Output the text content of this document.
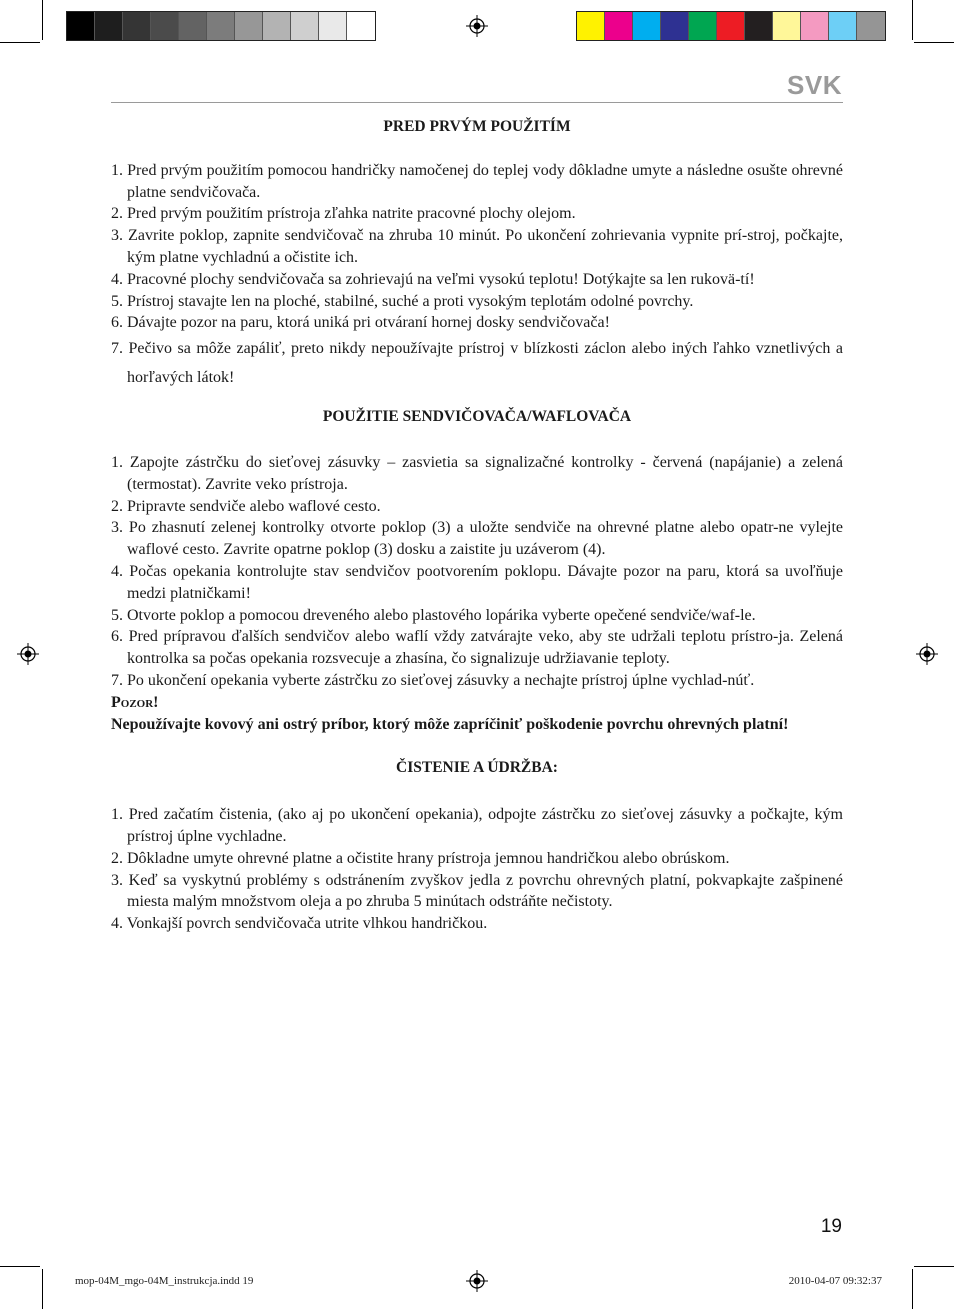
SVK

PRED PRVÝM POUŽITÍM

1. Pred prvým použitím pomocou handričky namočenej do teplej vody dôkladne umyte a následne osušte ohrevné platne sendvičovača.
2. Pred prvým použitím prístroja zľahka natrite pracovné plochy olejom.
3. Zavrite poklop, zapnite sendvičovač na zhruba 10 minút. Po ukončení zohrievania vypnite prí-stroj, počkajte, kým platne vychladnú a očistite ich.
4. Pracovné plochy sendvičovača sa zohrievajú na veľmi vysokú teplotu! Dotýkajte sa len rukovä-tí!
5. Prístroj stavajte len na ploché, stabilné, suché a proti vysokým teplotám odolné povrchy.
6. Dávajte pozor na paru, ktorá uniká pri otváraní hornej dosky sendvičovača!
7. Pečivo sa môže zapáliť, preto nikdy nepoužívajte prístroj v blízkosti záclon alebo iných ľahko vznetlivých a horľavých látok!

POUŽITIE SENDVIČOVAČA/WAFLOVAČA

1. Zapojte zástrčku do sieťovej zásuvky – zasvietia sa signalizačné kontrolky - červená (napájanie) a zelená (termostat). Zavrite veko prístroja.
2. Pripravte sendviče alebo waflové cesto.
3. Po zhasnutí zelenej kontrolky otvorte poklop (3) a uložte sendviče na ohrevné platne alebo opatr-ne vylejte waflové cesto. Zavrite opatrne poklop (3) dosku a zaistite ju uzáverom (4).
4. Počas opekania kontrolujte stav sendvičov pootvorením poklopu. Dávajte pozor na paru, ktorá sa uvoľňuje medzi platničkami!
5. Otvorte poklop a pomocou dreveného alebo plastového lopárika vyberte opečené sendviče/waf-le.
6. Pred prípravou ďalších sendvičov alebo waflí vždy zatvárajte veko, aby ste udržali teplotu prístro-ja. Zelená kontrolka sa počas opekania rozsvecuje a zhasína, čo signalizuje udržiavanie teploty.
7. Po ukončení opekania vyberte zástrčku zo sieťovej zásuvky a nechajte prístroj úplne vychlad-núť.
Pozor!
Nepoužívajte kovový ani ostrý príbor, ktorý môže zapríčiniť poškodenie povrchu ohrevných platní!

ČISTENIE A ÚDRŽBA:

1. Pred začatím čistenia, (ako aj po ukončení opekania), odpojte zástrčku zo sieťovej zásuvky a počkajte, kým prístroj úplne vychladne.
2. Dôkladne umyte ohrevné platne a očistite hrany prístroja jemnou handričkou alebo obrúskom.
3. Keď sa vyskytnú problémy s odstránením zvyškov jedla z povrchu ohrevných platní, pokvapkajte zašpinené miesta malým množstvom oleja a po zhruba 5 minútach odstráňte nečistoty.
4. Vonkajší povrch sendvičovača utrite vlhkou handričkou.
19
mop-04M_mgo-04M_instrukcja.indd 19	2010-04-07 09:32:37
